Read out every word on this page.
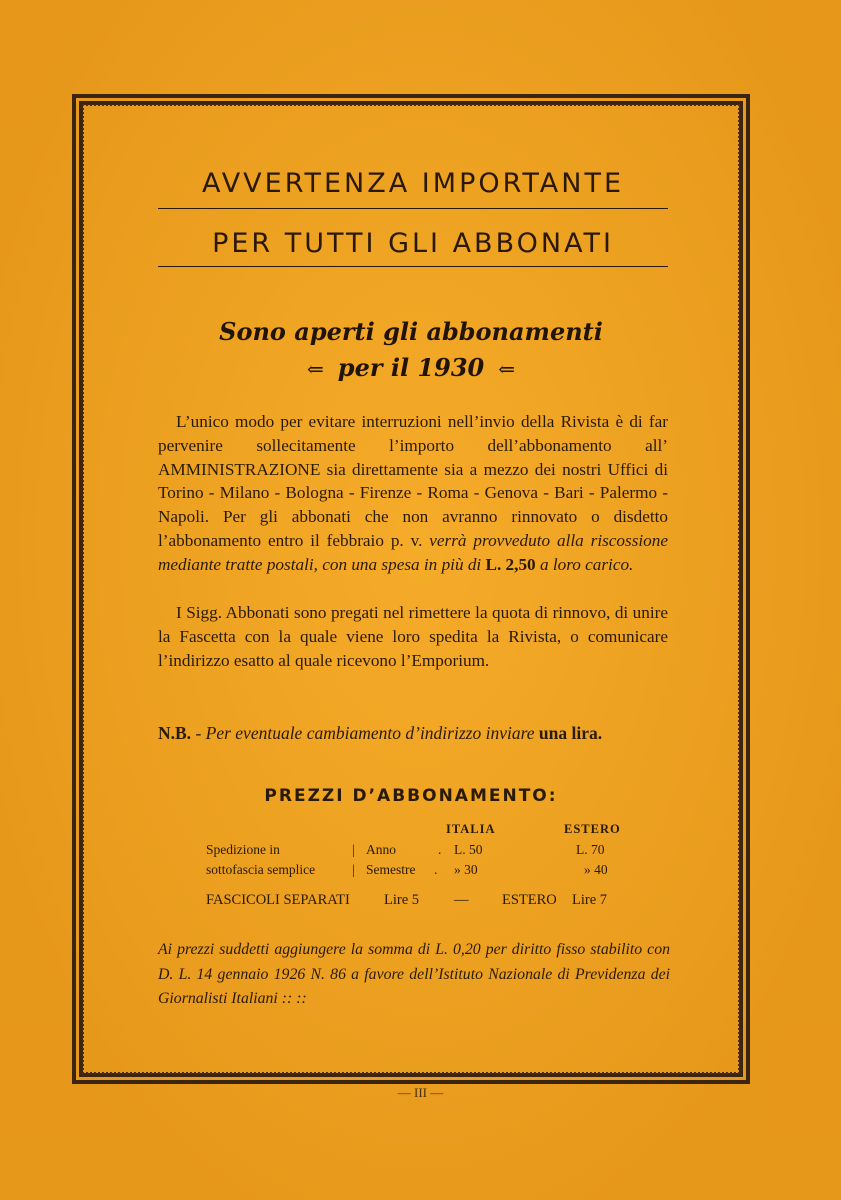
AVVERTENZA IMPORTANTE
PER TUTTI GLI ABBONATI
Sono aperti gli abbonamenti
⇐ per il 1930 ⇐
L’unico modo per evitare interruzioni nell’invio della Rivista è di far pervenire sollecitamente l’importo dell’abbonamento all’ AMMINISTRAZIONE sia direttamente sia a mezzo dei nostri Uffici di Torino - Milano - Bologna - Firenze - Roma - Genova - Bari - Palermo - Napoli. Per gli abbonati che non avranno rinnovato o disdetto l’abbonamento entro il febbraio p. v. verrà provveduto alla riscossione mediante tratte postali, con una spesa in più di L. 2,50 a loro carico.
I Sigg. Abbonati sono pregati nel rimettere la quota di rinnovo, di unire la Fascetta con la quale viene loro spedita la Rivista, o comunicare l’indirizzo esatto al quale ricevono l’Emporium.
N.B. - Per eventuale cambiamento d’indirizzo inviare una lira.
PREZZI D’ABBONAMENTO:
ITALIA	ESTERO
Spedizione in	| Anno	. L. 50	L. 70
sottofascia semplice	| Semestre . » 30	» 40
FASCICOLI SEPARATI Lire 5 — ESTERO Lire 7
Ai prezzi suddetti aggiungere la somma di L. 0,20 per diritto fisso stabilito con D. L. 14 gennaio 1926 N. 86 a favore dell’Istituto Nazionale di Previdenza dei Giornalisti Italiani :: ::
— III —
